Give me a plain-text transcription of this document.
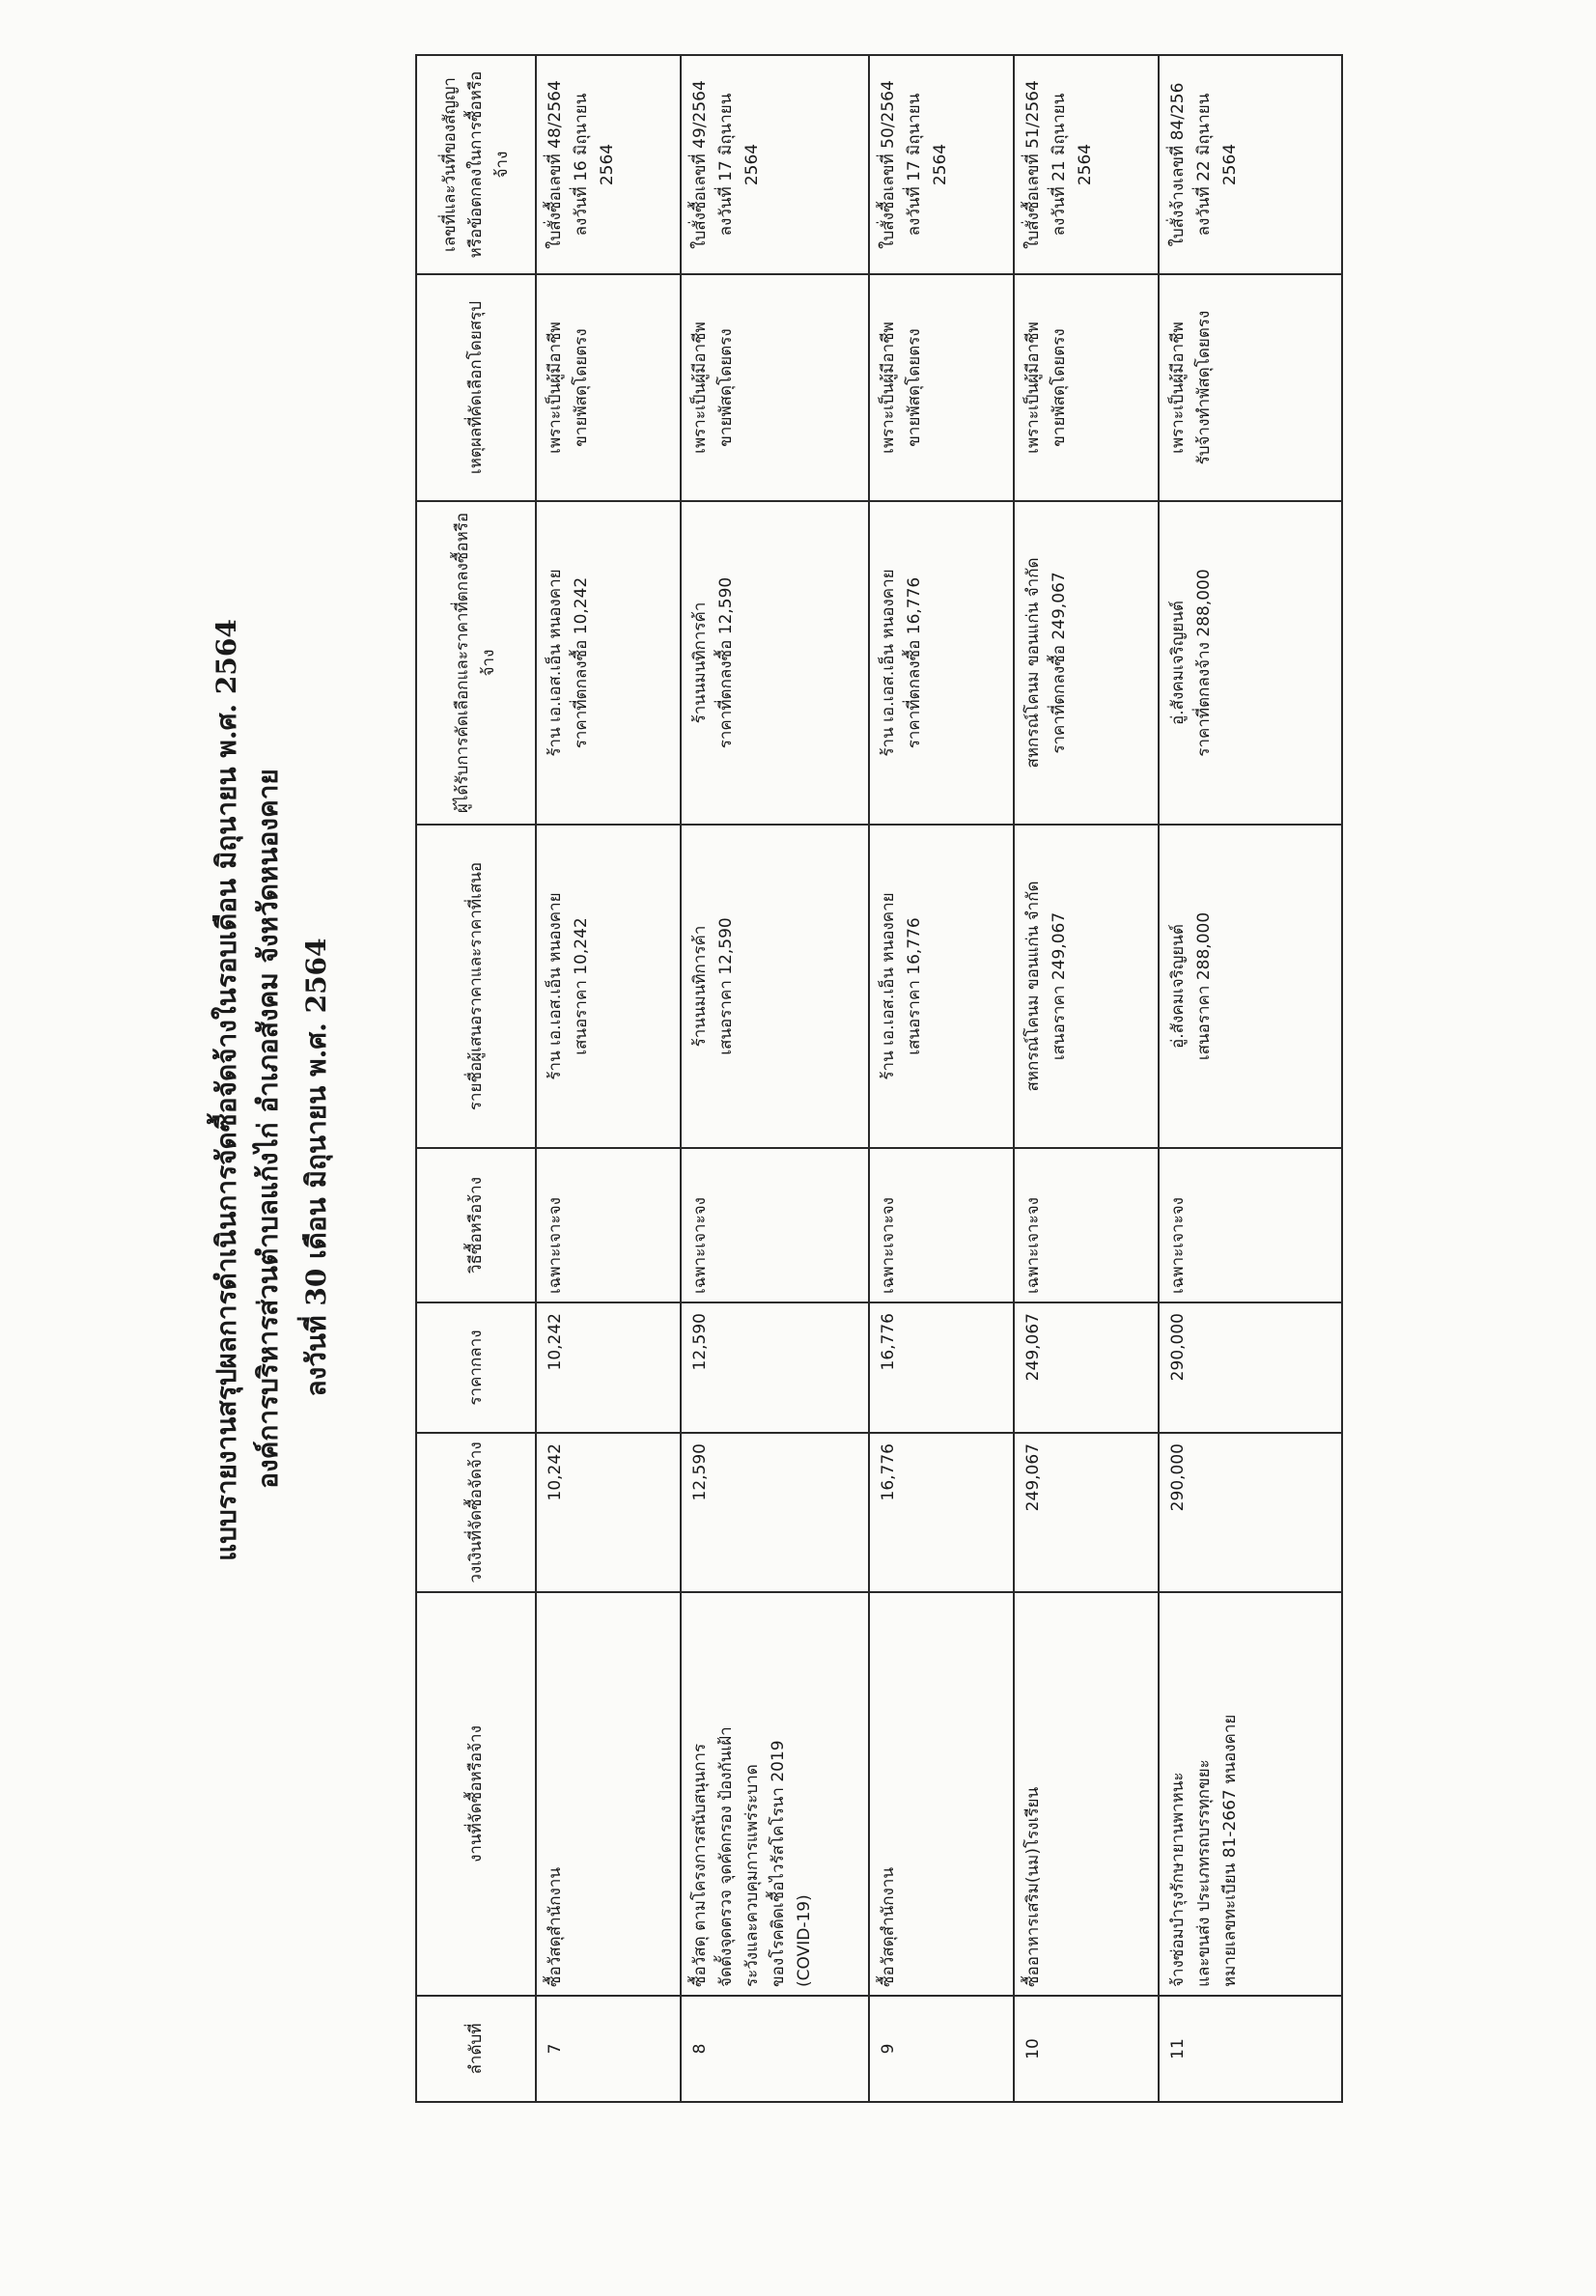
แบบรายงานสรุปผลการดำเนินการจัดซื้อจัดจ้างในรอบเดือน มิถุนายน พ.ศ. 2564 องค์การบริหารส่วนตำบลแก้งไก่ อำเภอสังคม จังหวัดหนองคาย ลงวันที่ 30 เดือน มิถุนายน พ.ศ. 2564
ลำดับที่	งานที่จัดซื้อหรือจ้าง	วงเงินที่จัดซื้อจัดจ้าง	ราคากลาง	วิธีซื้อหรือจ้าง	รายชื่อผู้เสนอราคาและราคาที่เสนอ	ผู้ได้รับการคัดเลือกและราคาที่ตกลงซื้อหรือจ้าง	เหตุผลที่คัดเลือกโดยสรุป	เลขที่และวันที่ของสัญญาหรือข้อตกลงในการซื้อหรือจ้าง
7	ซื้อวัสดุสำนักงาน	10,242	10,242	เฉพาะเจาะจง	ร้าน เอ.เอส.เอ็น หนองคาย เสนอราคา 10,242	ร้าน เอ.เอส.เอ็น หนองคาย ราคาที่ตกลงซื้อ 10,242	เพราะเป็นผู้มีอาชีพ ขายพัสดุโดยตรง	ใบสั่งซื้อเลขที่ 48/2564 ลงวันที่ 16 มิถุนายน 2564

8	ซื้อวัสดุ ตามโครงการสนับสนุนการ จัดตั้งจุดตรวจ จุดคัดกรอง ป้องกันเฝ้า ระวังและควบคุมการแพร่ระบาด ของโรคติดเชื้อไวรัสโคโรนา 2019 (COVID-19)	12,590	12,590	เฉพาะเจาะจง	ร้านนมนทิการค้า เสนอราคา 12,590	ร้านนมนทิการค้า ราคาที่ตกลงซื้อ 12,590	เพราะเป็นผู้มีอาชีพ ขายพัสดุโดยตรง	ใบสั่งซื้อเลขที่ 49/2564 ลงวันที่ 17 มิถุนายน 2564

9	ซื้อวัสดุสำนักงาน	16,776	16,776	เฉพาะเจาะจง	ร้าน เอ.เอส.เอ็น หนองคาย เสนอราคา 16,776	ร้าน เอ.เอส.เอ็น หนองคาย ราคาที่ตกลงซื้อ 16,776	เพราะเป็นผู้มีอาชีพ ขายพัสดุโดยตรง	ใบสั่งซื้อเลขที่ 50/2564 ลงวันที่ 17 มิถุนายน 2564

10	ซื้ออาหารเสริม(นม)โรงเรียน	249,067	249,067	เฉพาะเจาะจง	สหกรณ์โคนม ขอนแก่น จำกัด เสนอราคา 249,067	สหกรณ์โคนม ขอนแก่น จำกัด ราคาที่ตกลงซื้อ 249,067	เพราะเป็นผู้มีอาชีพ ขายพัสดุโดยตรง	ใบสั่งซื้อเลขที่ 51/2564 ลงวันที่ 21 มิถุนายน 2564

11	จ้างซ่อมบำรุงรักษายานพาหนะ และขนส่ง ประเภทรถบรรทุกขยะ หมายเลขทะเบียน 81-2667 หนองคาย	290,000	290,000	เฉพาะเจาะจง	อู่.สังคมเจริญยนต์ เสนอราคา 288,000	อู่.สังคมเจริญยนต์ ราคาที่ตกลงจ้าง 288,000	เพราะเป็นผู้มีอาชีพ รับจ้างทำพัสดุโดยตรง	ใบสั่งจ้างเลขที่ 84/256 ลงวันที่ 22 มิถุนายน 2564
